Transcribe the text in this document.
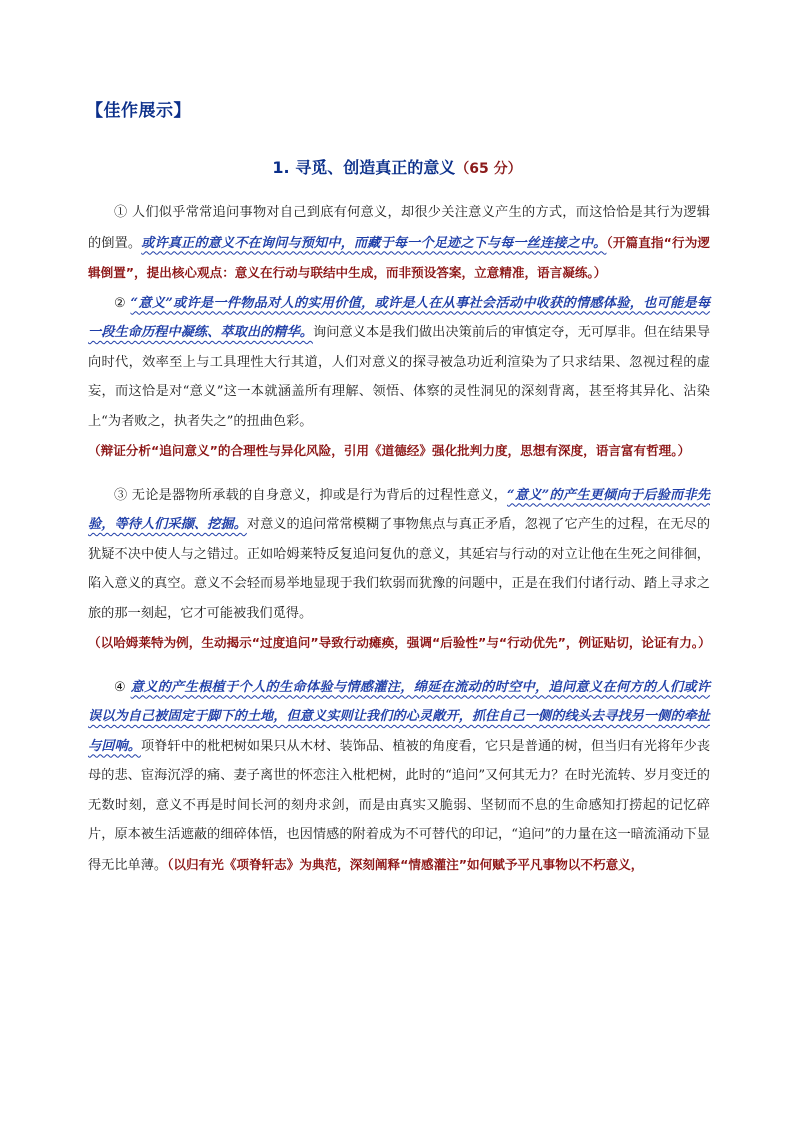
【佳作展示】
1. 寻觅、创造真正的意义（65 分）

① 人们似乎常常追问事物对自己到底有何意义，却很少关注意义产生的方式，而这恰恰是其行为逻辑的倒置。或许真正的意义不在询问与预知中，而藏于每一个足迹之下与每一丝连接之中。（开篇直指“行为逻辑倒置”，提出核心观点：意义在行动与联结中生成，而非预设答案，立意精准，语言凝练。）

② “意义”或许是一件物品对人的实用价值，或许是人在从事社会活动中收获的情感体验，也可能是每一段生命历程中凝练、萃取出的精华。询问意义本是我们做出决策前后的审慎定夺，无可厚非。但在结果导向时代，效率至上与工具理性大行其道，人们对意义的探寻被急功近利渲染为了只求结果、忽视过程的虚妄，而这恰是对“意义”这一本就涵盖所有理解、领悟、体察的灵性洞见的深刻背离，甚至将其异化、沾染上“为者败之，执者失之”的扭曲色彩。

（辩证分析“追问意义”的合理性与异化风险，引用《道德经》强化批判力度，思想有深度，语言富有哲理。）

③ 无论是器物所承载的自身意义，抑或是行为背后的过程性意义，“意义”的产生更倾向于后验而非先验，等待人们采撷、挖掘。对意义的追问常常模糊了事物焦点与真正矛盾，忽视了它产生的过程，在无尽的犹疑不决中使人与之错过。正如哈姆莱特反复追问复仇的意义，其延宕与行动的对立让他在生死之间徘徊，陷入意义的真空。意义不会轻而易举地显现于我们软弱而犹豫的问题中，正是在我们付诸行动、踏上寻求之旅的那一刻起，它才可能被我们觅得。

（以哈姆莱特为例，生动揭示“过度追问”导致行动瘫痪，强调“后验性”与“行动优先”，例证贴切，论证有力。）

④ 意义的产生根植于个人的生命体验与情感灌注，绵延在流动的时空中，追问意义在何方的人们或许误以为自己被固定于脚下的土地，但意义实则让我们的心灵敞开，抓住自己一侧的线头去寻找另一侧的牵扯与回响。项脊轩中的枇杷树如果只从木材、装饰品、植被的角度看，它只是普通的树，但当归有光将年少丧母的悲、宦海沉浮的痛、妻子离世的怀恋注入枇杷树，此时的“追问”又何其无力？在时光流转、岁月变迁的无数时刻，意义不再是时间长河的刻舟求剑，而是由真实又脆弱、坚韧而不息的生命感知打捞起的记忆碎片，原本被生活遮蔽的细碎体悟，也因情感的附着成为不可替代的印记，“追问”的力量在这一暗流涌动下显得无比单薄。（以归有光《项脊轩志》为典范，深刻阐释“情感灌注”如何赋予平凡事物以不朽意义，
